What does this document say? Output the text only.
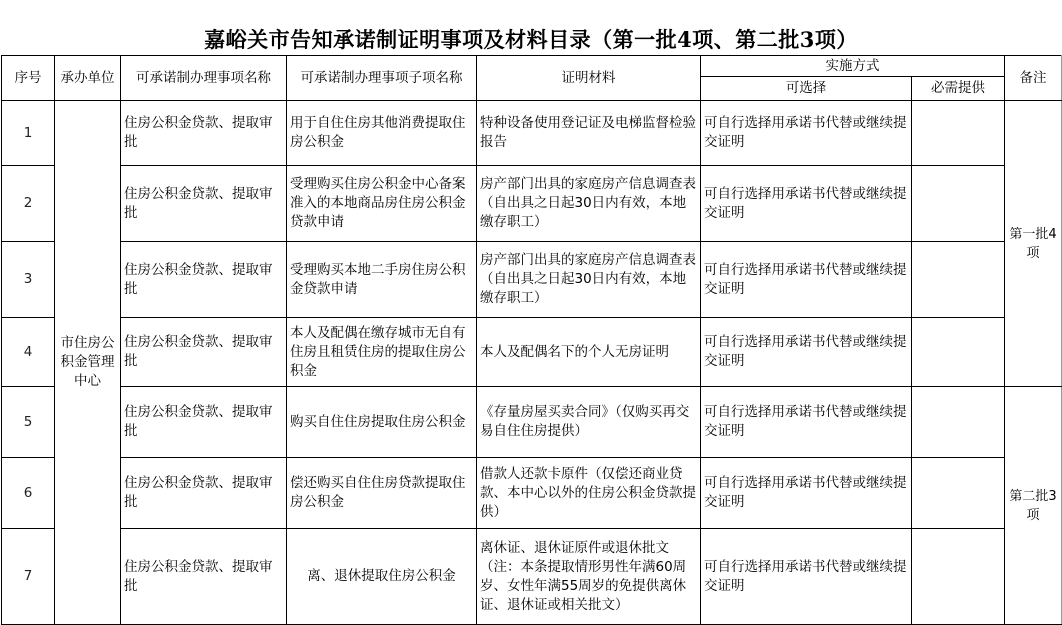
嘉峪关市告知承诺制证明事项及材料目录（第一批4项、第二批3项）
序号	承办单位	可承诺制办理事项名称	可承诺制办理事项子项名称	证明材料	实施方式		备注
					可选择	必需提供	
1	市住房公积金管理中心	住房公积金贷款、提取审批	用于自住住房其他消费提取住房公积金	特种设备使用登记证及电梯监督检验报告	可自行选择用承诺书代替或继续提交证明		第一批4项
2		住房公积金贷款、提取审批	受理购买住房公积金中心备案准入的本地商品房住房公积金贷款申请	房产部门出具的家庭房产信息调查表（自出具之日起30日内有效，本地缴存职工）	可自行选择用承诺书代替或继续提交证明		
3		住房公积金贷款、提取审批	受理购买本地二手房住房公积金贷款申请	房产部门出具的家庭房产信息调查表（自出具之日起30日内有效，本地缴存职工）	可自行选择用承诺书代替或继续提交证明		
4		住房公积金贷款、提取审批	本人及配偶在缴存城市无自有住房且租赁住房的提取住房公积金	本人及配偶名下的个人无房证明	可自行选择用承诺书代替或继续提交证明		
5		住房公积金贷款、提取审批	购买自住住房提取住房公积金	《存量房屋买卖合同》（仅购买再交易自住住房提供）	可自行选择用承诺书代替或继续提交证明		第二批3项
6		住房公积金贷款、提取审批	偿还购买自住住房贷款提取住房公积金	借款人还款卡原件（仅偿还商业贷款、本中心以外的住房公积金贷款提供）	可自行选择用承诺书代替或继续提交证明		
7		住房公积金贷款、提取审批	离、退休提取住房公积金	离休证、退休证原件或退休批文（注：本条提取情形男性年满60周岁、女性年满55周岁的免提供离休证、退休证或相关批文）	可自行选择用承诺书代替或继续提交证明		
